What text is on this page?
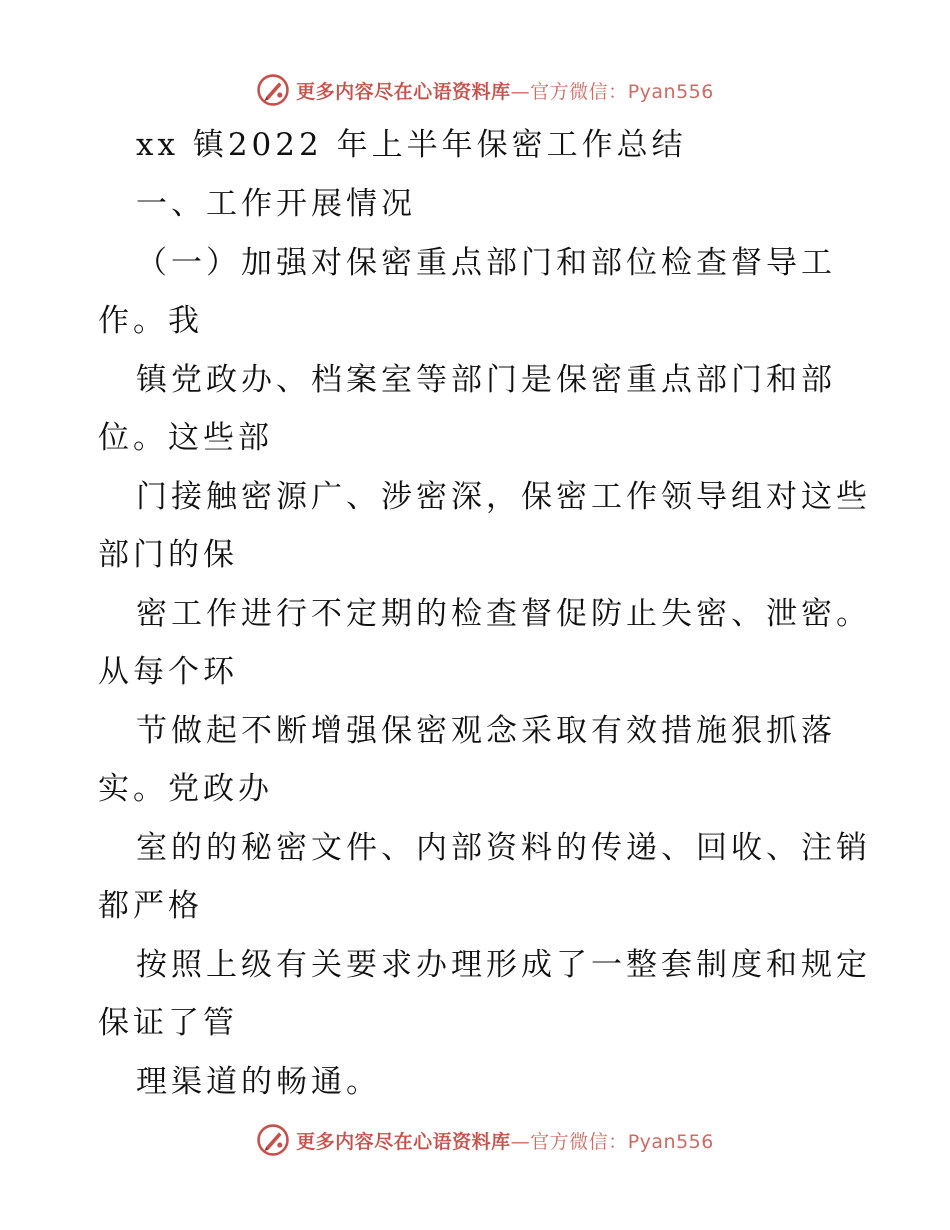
更多内容尽在心语资料库—官方微信：Pyan556
xx 镇2022 年上半年保密工作总结
一、工作开展情况
（一）加强对保密重点部门和部位检查督导工
作。我
镇党政办、档案室等部门是保密重点部门和部
位。这些部
门接触密源广、涉密深，保密工作领导组对这些
部门的保
密工作进行不定期的检查督促防止失密、泄密。
从每个环
节做起不断增强保密观念采取有效措施狠抓落
实。党政办
室的的秘密文件、内部资料的传递、回收、注销
都严格
按照上级有关要求办理形成了一整套制度和规定
保证了管
理渠道的畅通。
更多内容尽在心语资料库—官方微信：Pyan556
